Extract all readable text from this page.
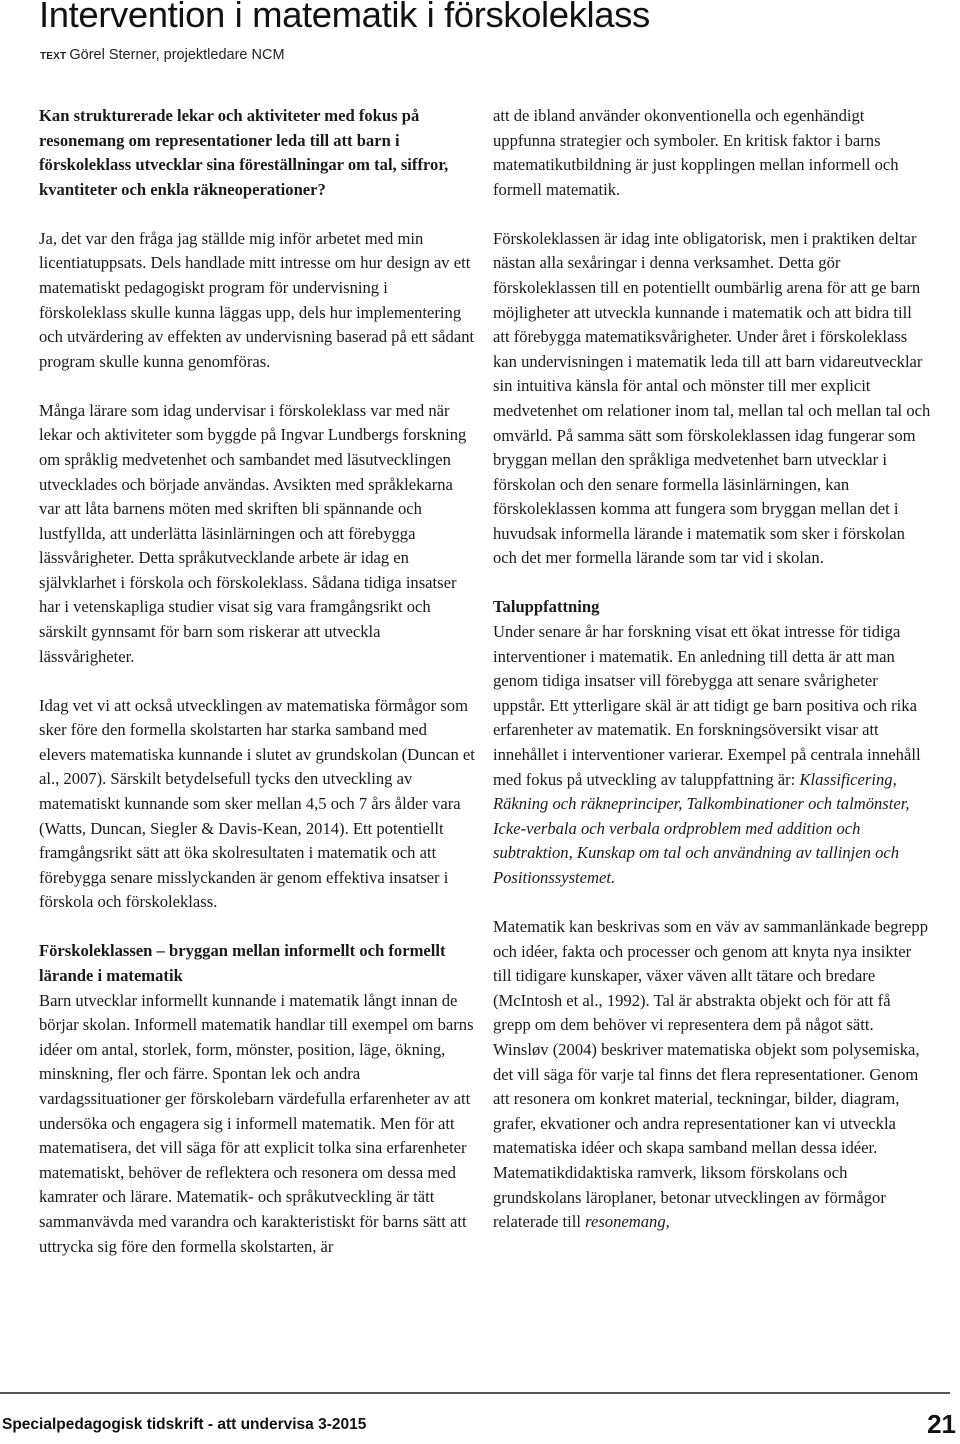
Intervention i matematik i förskoleklass
TEXT Görel Sterner, projektledare NCM

Kan strukturerade lekar och aktiviteter med fokus på resonemang om representationer leda till att barn i förskoleklass utvecklar sina föreställningar om tal, siffror, kvantiteter och enkla räkneoperationer?

Ja, det var den fråga jag ställde mig inför arbetet med min licentiatuppsats. Dels handlade mitt intresse om hur design av ett matematiskt pedagogiskt program för undervisning i förskoleklass skulle kunna läggas upp, dels hur implementering och utvärdering av effekten av undervisning baserad på ett sådant program skulle kunna genomföras.

Många lärare som idag undervisar i förskoleklass var med när lekar och aktiviteter som byggde på Ingvar Lundbergs forskning om språklig medvetenhet och sambandet med läsutvecklingen utvecklades och började användas. Avsikten med språklekarna var att låta barnens möten med skriften bli spännande och lustfyllda, att underlätta läsinlärningen och att förebygga lässvårigheter. Detta språkutvecklande arbete är idag en självklarhet i förskola och förskoleklass. Sådana tidiga insatser har i vetenskapliga studier visat sig vara framgångsrikt och särskilt gynnsamt för barn som riskerar att utveckla lässvårigheter.

Idag vet vi att också utvecklingen av matematiska förmågor som sker före den formella skolstarten har starka samband med elevers matematiska kunnande i slutet av grundskolan (Duncan et al., 2007). Särskilt betydelsefull tycks den utveckling av matematiskt kunnande som sker mellan 4,5 och 7 års ålder vara (Watts, Duncan, Siegler & Davis-Kean, 2014). Ett potentiellt framgångsrikt sätt att öka skolresultaten i matematik och att förebygga senare misslyckanden är genom effektiva insatser i förskola och förskoleklass.

Förskoleklassen – bryggan mellan informellt och formellt lärande i matematik

Barn utvecklar informellt kunnande i matematik långt innan de börjar skolan. Informell matematik handlar till exempel om barns idéer om antal, storlek, form, mönster, position, läge, ökning, minskning, fler och färre. Spontan lek och andra vardagssituationer ger förskolebarn värdefulla erfarenheter av att undersöka och engagera sig i informell matematik. Men för att matematisera, det vill säga för att explicit tolka sina erfarenheter matematiskt, behöver de reflektera och resonera om dessa med kamrater och lärare. Matematik- och språkutveckling är tätt sammanvävda med varandra och karakteristiskt för barns sätt att uttrycka sig före den formella skolstarten, är

att de ibland använder okonventionella och egenhändigt uppfunna strategier och symboler. En kritisk faktor i barns matematikutbildning är just kopplingen mellan informell och formell matematik.

Förskoleklassen är idag inte obligatorisk, men i praktiken deltar nästan alla sexåringar i denna verksamhet. Detta gör förskoleklassen till en potentiellt oumbärlig arena för att ge barn möjligheter att utveckla kunnande i matematik och att bidra till att förebygga matematiksvårigheter. Under året i förskoleklass kan undervisningen i matematik leda till att barn vidareutvecklar sin intuitiva känsla för antal och mönster till mer explicit medvetenhet om relationer inom tal, mellan tal och mellan tal och omvärld. På samma sätt som förskoleklassen idag fungerar som bryggan mellan den språkliga medvetenhet barn utvecklar i förskolan och den senare formella läsinlärningen, kan förskoleklassen komma att fungera som bryggan mellan det i huvudsak informella lärande i matematik som sker i förskolan och det mer formella lärande som tar vid i skolan.

Taluppfattning

Under senare år har forskning visat ett ökat intresse för tidiga interventioner i matematik. En anledning till detta är att man genom tidiga insatser vill förebygga att senare svårigheter uppstår. Ett ytterligare skäl är att tidigt ge barn positiva och rika erfarenheter av matematik. En forskningsöversikt visar att innehållet i interventioner varierar. Exempel på centrala innehåll med fokus på utveckling av taluppfattning är: Klassificering, Räkning och räkneprinciper, Talkombinationer och talmönster, Icke-verbala och verbala ordproblem med addition och subtraktion, Kunskap om tal och användning av tallinjen och Positionssystemet.

Matematik kan beskrivas som en väv av sammanlänkade begrepp och idéer, fakta och processer och genom att knyta nya insikter till tidigare kunskaper, växer väven allt tätare och bredare (McIntosh et al., 1992). Tal är abstrakta objekt och för att få grepp om dem behöver vi representera dem på något sätt. Winsløv (2004) beskriver matematiska objekt som polysemiska, det vill säga för varje tal finns det flera representationer. Genom att resonera om konkret material, teckningar, bilder, diagram, grafer, ekvationer och andra representationer kan vi utveckla matematiska idéer och skapa samband mellan dessa idéer. Matematikdidaktiska ramverk, liksom förskolans och grundskolans läroplaner, betonar utvecklingen av förmågor relaterade till resonemang,

Specialpedagogisk tidskrift - att undervisa 3-2015	21
